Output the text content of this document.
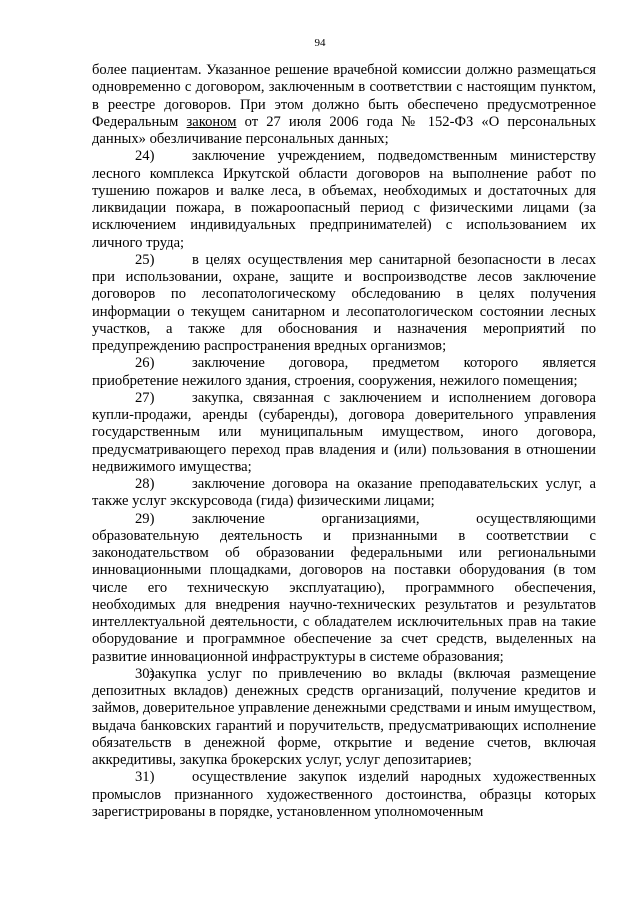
94

более пациентам. Указанное решение врачебной комиссии должно размещаться одновременно с договором, заключенным в соответствии с настоящим пунктом, в реестре договоров. При этом должно быть обеспечено предусмотренное Федеральным законом от 27 июля 2006 года № 152-ФЗ «О персональных данных» обезличивание персональных данных;

24)	заключение учреждением, подведомственным министерству лесного комплекса Иркутской области договоров на выполнение работ по тушению пожаров и валке леса, в объемах, необходимых и достаточных для ликвидации пожара, в пожароопасный период с физическими лицами (за исключением индивидуальных предпринимателей) с использованием их личного труда;

25)	в целях осуществления мер санитарной безопасности в лесах при использовании, охране, защите и воспроизводстве лесов заключение договоров по лесопатологическому обследованию в целях получения информации о текущем санитарном и лесопатологическом состоянии лесных участков, а также для обоснования и назначения мероприятий по предупреждению распространения вредных организмов;

26)	заключение договора, предметом которого является приобретение нежилого здания, строения, сооружения, нежилого помещения;

27)	закупка, связанная с заключением и исполнением договора купли-продажи, аренды (субаренды), договора доверительного управления государственным или муниципальным имуществом, иного договора, предусматривающего переход прав владения и (или) пользования в отношении недвижимого имущества;

28)	заключение договора на оказание преподавательских услуг, а также услуг экскурсовода (гида) физическими лицами;

29)	заключение организациями, осуществляющими образовательную деятельность и признанными в соответствии с законодательством об образовании федеральными или региональными инновационными площадками, договоров на поставки оборудования (в том числе его техническую эксплуатацию), программного обеспечения, необходимых для внедрения научно-технических результатов и результатов интеллектуальной деятельности, с обладателем исключительных прав на такие оборудование и программное обеспечение за счет средств, выделенных на развитие инновационной инфраструктуры в системе образования;

30)закупка услуг по привлечению во вклады (включая размещение депозитных вкладов) денежных средств организаций, получение кредитов и займов, доверительное управление денежными средствами и иным имуществом, выдача банковских гарантий и поручительств, предусматривающих исполнение обязательств в денежной форме, открытие и ведение счетов, включая аккредитивы, закупка брокерских услуг, услуг депозитариев;

31)	осуществление закупок изделий народных художественных промыслов признанного художественного достоинства, образцы которых зарегистрированы в порядке, установленном уполномоченным
